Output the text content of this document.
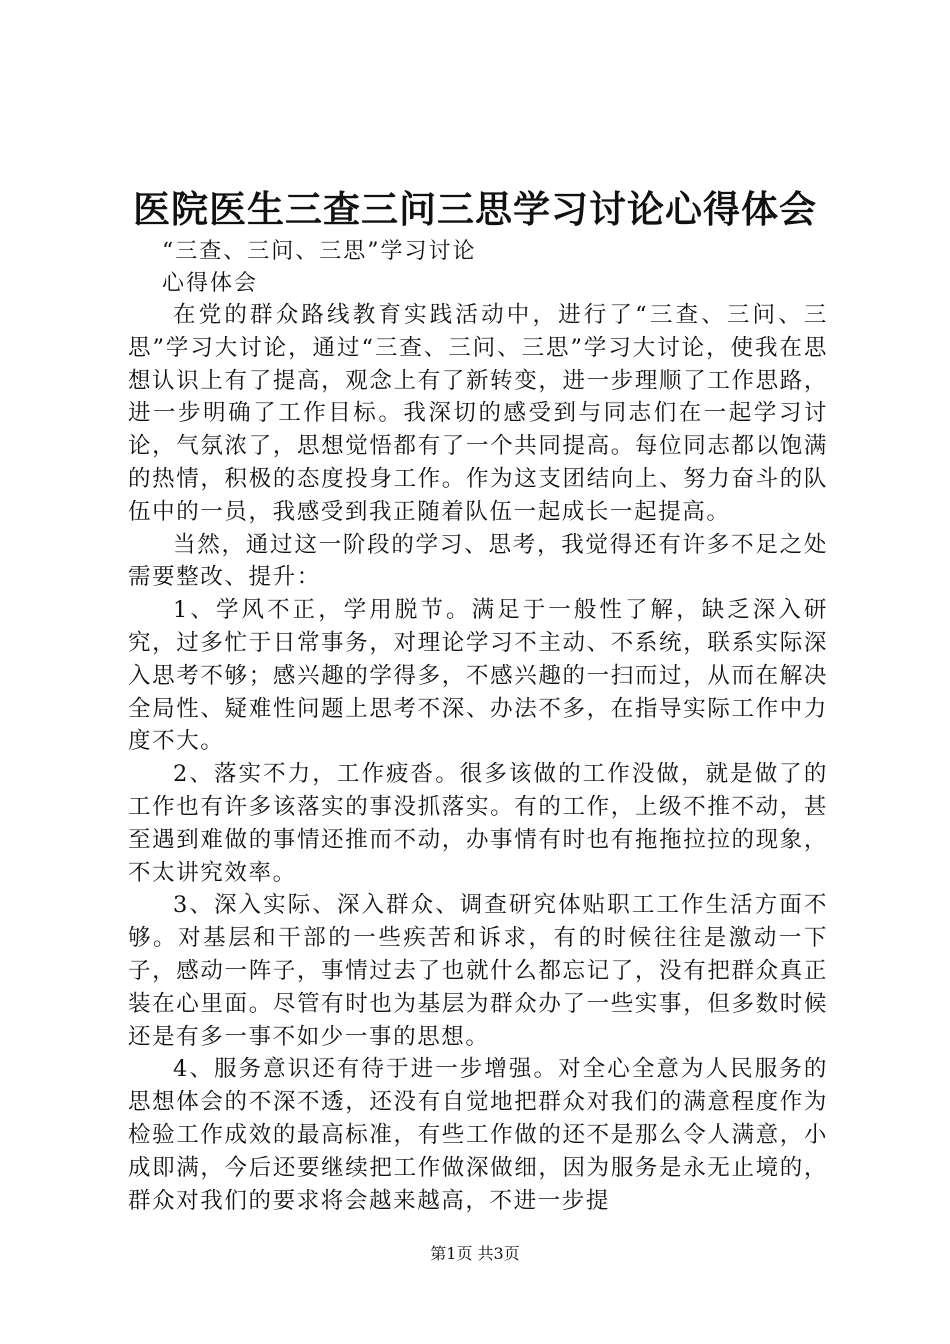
医院医生三查三问三思学习讨论心得体会
“三查、三问、三思”学习讨论
心得体会

在党的群众路线教育实践活动中，进行了“三查、三问、三思”学习大讨论，通过“三查、三问、三思”学习大讨论，使我在思想认识上有了提高，观念上有了新转变，进一步理顺了工作思路，进一步明确了工作目标。我深切的感受到与同志们在一起学习讨论，气氛浓了，思想觉悟都有了一个共同提高。每位同志都以饱满的热情，积极的态度投身工作。作为这支团结向上、努力奋斗的队伍中的一员，我感受到我正随着队伍一起成长一起提高。

当然，通过这一阶段的学习、思考，我觉得还有许多不足之处需要整改、提升：

1、学风不正，学用脱节。满足于一般性了解，缺乏深入研究，过多忙于日常事务，对理论学习不主动、不系统，联系实际深入思考不够；感兴趣的学得多，不感兴趣的一扫而过，从而在解决全局性、疑难性问题上思考不深、办法不多，在指导实际工作中力度不大。

2、落实不力，工作疲沓。很多该做的工作没做，就是做了的工作也有许多该落实的事没抓落实。有的工作，上级不推不动，甚至遇到难做的事情还推而不动，办事情有时也有拖拖拉拉的现象，不太讲究效率。

3、深入实际、深入群众、调查研究体贴职工工作生活方面不够。对基层和干部的一些疾苦和诉求，有的时候往往是激动一下子，感动一阵子，事情过去了也就什么都忘记了，没有把群众真正装在心里面。尽管有时也为基层为群众办了一些实事，但多数时候还是有多一事不如少一事的思想。

4、服务意识还有待于进一步增强。对全心全意为人民服务的思想体会的不深不透，还没有自觉地把群众对我们的满意程度作为检验工作成效的最高标准，有些工作做的还不是那么令人满意，小成即满，今后还要继续把工作做深做细，因为服务是永无止境的，群众对我们的要求将会越来越高，不进一步提

第1页 共3页
